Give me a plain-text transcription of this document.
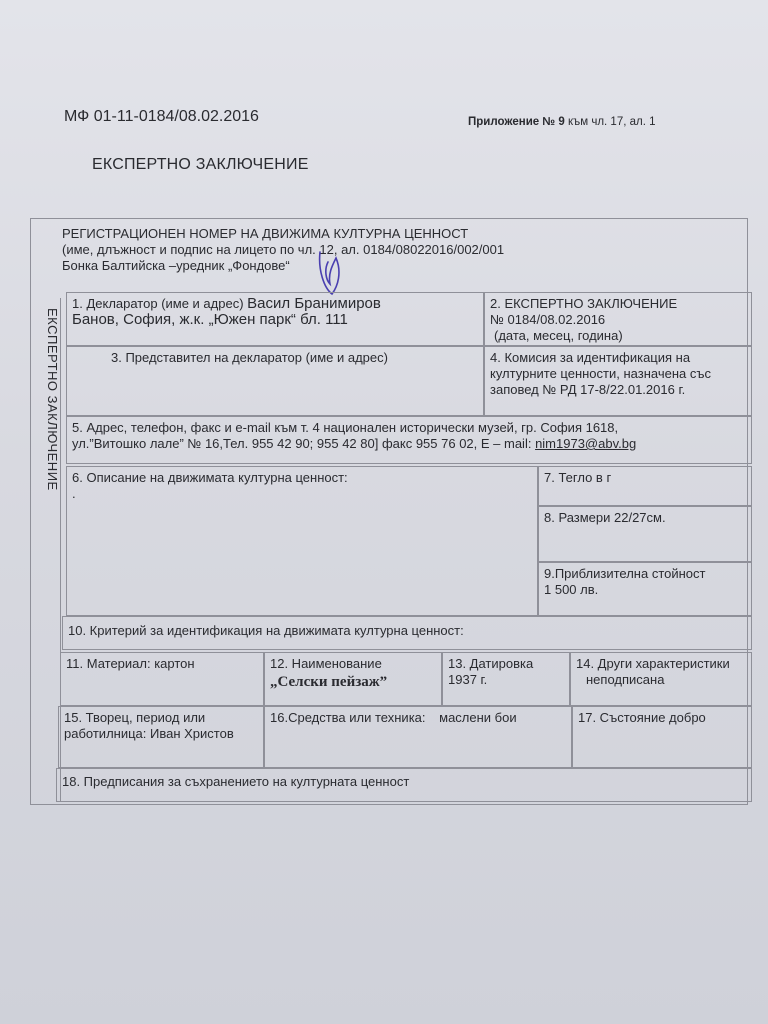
МФ 01-11-0184/08.02.2016	Приложение № 9 към чл. 17, ал. 1
ЕКСПЕРТНО ЗАКЛЮЧЕНИЕ
РЕГИСТРАЦИОНЕН НОМЕР НА ДВИЖИМА КУЛТУРНА ЦЕННОСТ
(име, длъжност и подпис на лицето по чл. 12, ал. 0184/08022016/002/001
Бонка Балтийска –уредник „Фондове“
ЕКСПЕРТНО ЗАКЛЮЧЕНИЕ
1. Декларатор (име и адрес) Васил Бранимиров
Банов, София, ж.к. „Южен парк“ бл. 111
2. ЕКСПЕРТНО ЗАКЛЮЧЕНИЕ
№ 0184/08.02.2016
(дата, месец, година)
3. Представител на декларатор (име и адрес)	4. Комисия за идентификация на
културните ценности, назначена със
заповед № РД 17-8/22.01.2016 г.
5. Адрес, телефон, факс и e-mail към т. 4 национален исторически музей, гр. София 1618,
ул.”Витошко лале” № 16,Тел. 955 42 90; 955 42 80] факс 955 76 02, Е – mail: nim1973@abv.bg
6. Описание на движимата културна ценност:
.
7. Тегло в г
8. Размери 22/27см.
9.Приблизителна стойност
1 500 лв.
10. Критерий за идентификация на движимата културна ценност:
11. Материал: картон	12. Наименование
„Селски пейзаж”
13. Датировка
1937 г.
14. Други характеристики
неподписана
15. Творец, период или
работилница: Иван Христов
16.Средства или техника: маслени бои	17. Състояние добро
18. Предписания за съхранението на културната ценност
